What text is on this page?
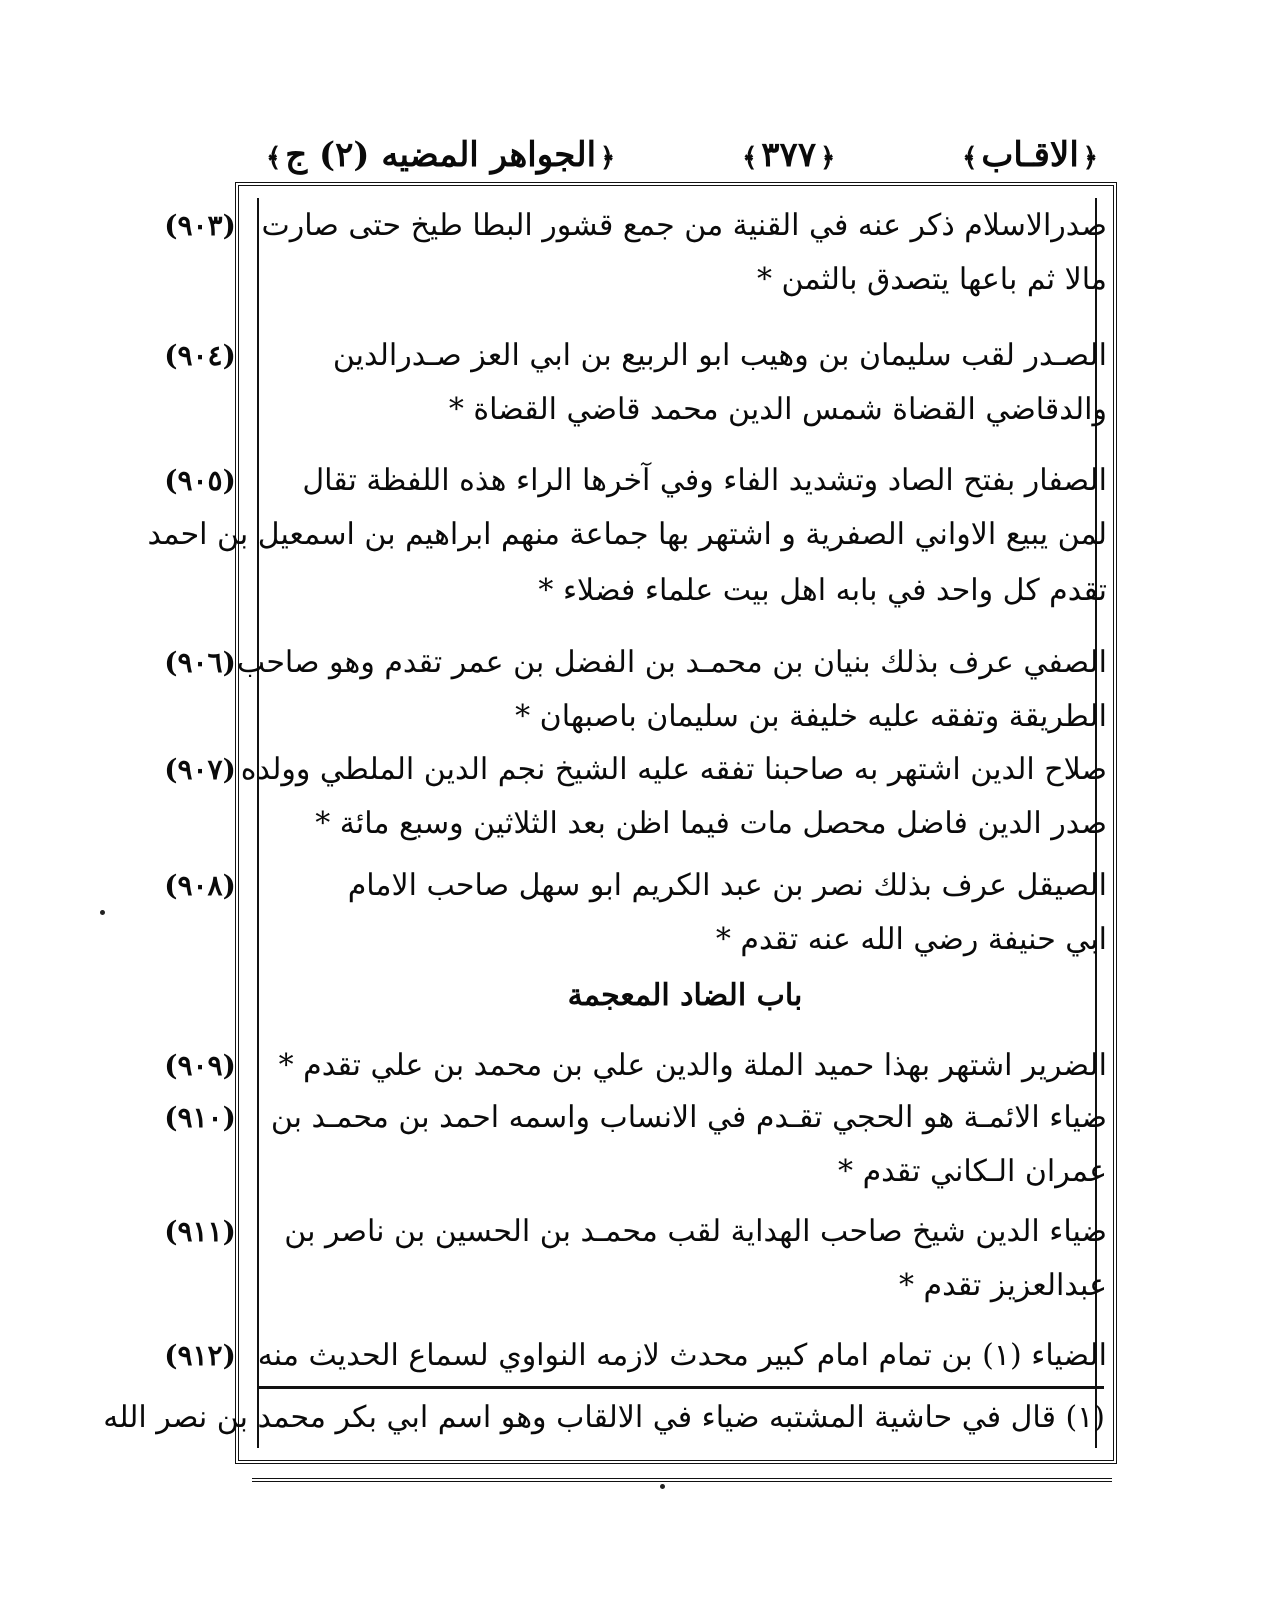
﴿الاقـاب﴾
﴿٣٧٧﴾
﴿الجواهر المضيه (٢) ج﴾
صدرالاسلام ذكر عنه في القنية من جمع قشور البطا طيخ حتى صارت
(٩٠٣)
مالا ثم باعها يتصدق بالثمن *
الصـدر لقب سليمان بن وهيب ابو الربيع بن ابي العز صـدرالدين
(٩٠٤)
والدقاضي القضاة شمس الدين محمد قاضي القضاة *
الصفار بفتح الصاد وتشديد الفاء وفي آخرها الراء هذه اللفظة تقال
(٩٠٥)
لمن يبيع الاواني الصفرية و اشتهر بها جماعة منهم ابراهيم بن اسمعيل بن احمد
تقدم كل واحد في بابه اهل بيت علماء فضلاء *
الصفي عرف بذلك بنيان بن محمـد بن الفضل بن عمر تقدم وهو صاحب
(٩٠٦)
الطريقة وتفقه عليه خليفة بن سليمان باصبهان *
صلاح الدين اشتهر به صاحبنا تفقه عليه الشيخ نجم الدين الملطي وولده
(٩٠٧)
صدر الدين فاضل محصل مات فيما اظن بعد الثلاثين وسبع مائة *
الصيقل عرف بذلك نصر بن عبد الكريم ابو سهل صاحب الامام
(٩٠٨)
ابي حنيفة رضي الله عنه تقدم *
باب الضاد المعجمة
الضرير اشتهر بهذا حميد الملة والدين علي بن محمد بن علي تقدم *
(٩٠٩)
ضياء الائمـة هو الحجي تقـدم في الانساب واسمه احمد بن محمـد بن
(٩١٠)
عمران الـكاني تقدم *
ضياء الدين شيخ صاحب الهداية لقب محمـد بن الحسين بن ناصر بن
(٩١١)
عبدالعزيز تقدم *
الضياء (١) بن تمام امام كبير محدث لازمه النواوي لسماع الحديث منه
(٩١٢)
(١) قال في حاشية المشتبه ضياء في الالقاب وهو اسم ابي بكر محمد بن نصر الله
